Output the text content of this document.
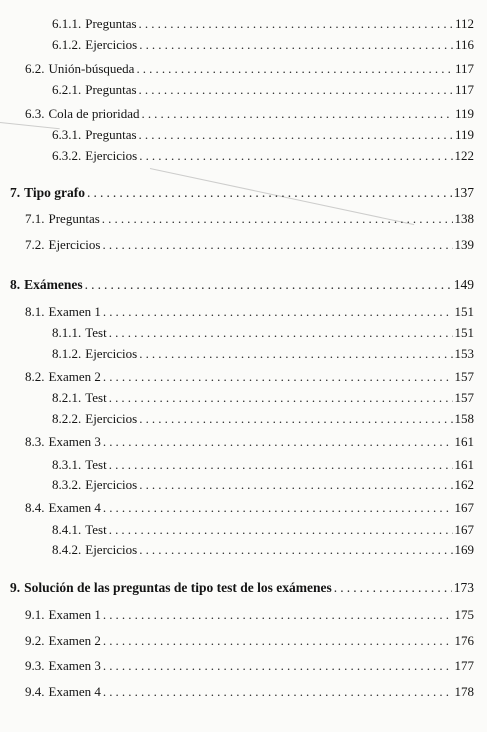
6.1.1. Preguntas .....	112
6.1.2. Ejercicios .....	116
6.2. Unión-búsqueda .....	117
6.2.1. Preguntas .....	117
6.3. Cola de prioridad .....	119
6.3.1. Preguntas .....	119
6.3.2. Ejercicios .....	122
7. Tipo grafo .....	137
7.1. Preguntas .....	138
7.2. Ejercicios .....	139
8. Exámenes .....	149
8.1. Examen 1 .....	151
8.1.1. Test .....	151
8.1.2. Ejercicios .....	153
8.2. Examen 2 .....	157
8.2.1. Test .....	157
8.2.2. Ejercicios .....	158
8.3. Examen 3 .....	161
8.3.1. Test .....	161
8.3.2. Ejercicios .....	162
8.4. Examen 4 .....	167
8.4.1. Test .....	167
8.4.2. Ejercicios .....	169
9. Solución de las preguntas de tipo test de los exámenes .....	173
9.1. Examen 1 .....	175
9.2. Examen 2 .....	176
9.3. Examen 3 .....	177
9.4. Examen 4 .....	178
